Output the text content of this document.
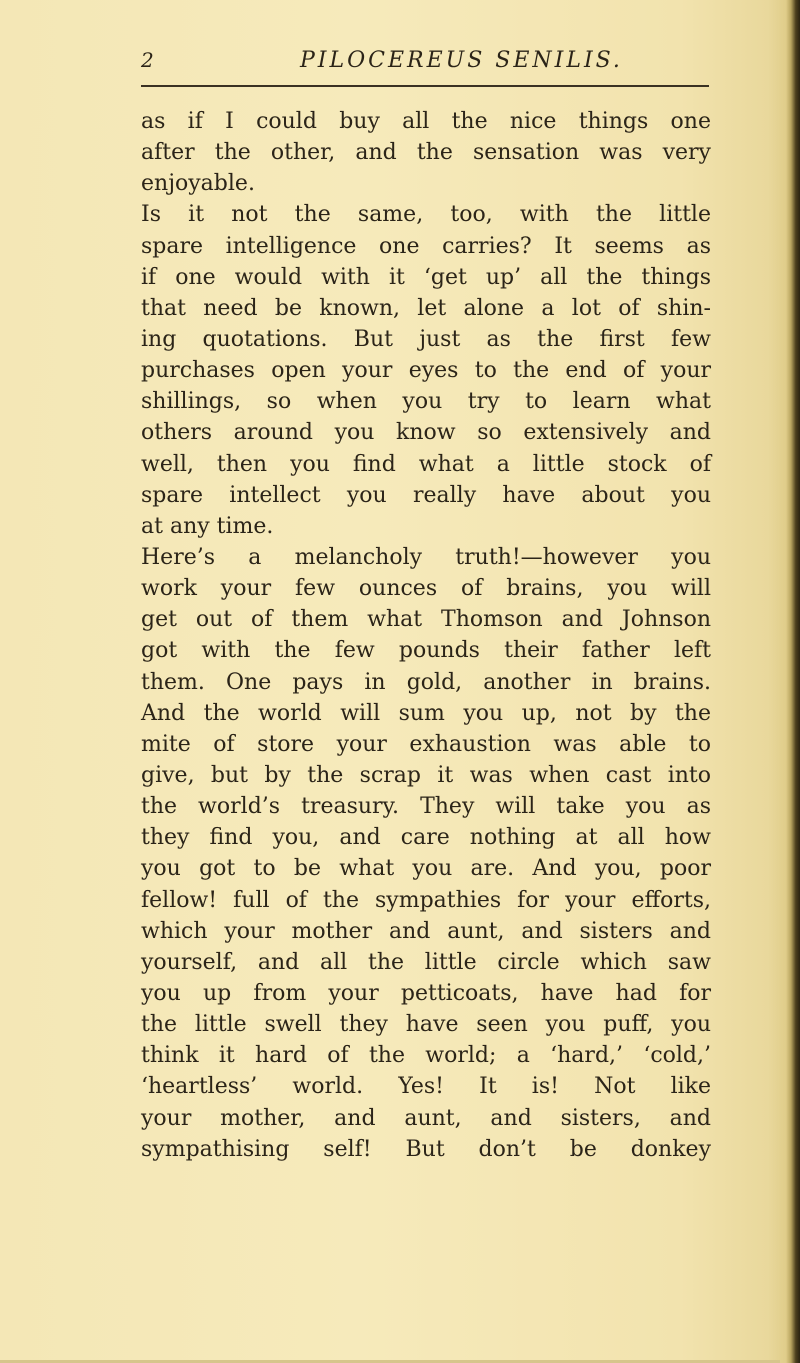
2	PILOCEREUS SENILIS.
as if I could buy all the nice things one
after the other, and the sensation was very
enjoyable.
Is it not the same, too, with the little
spare intelligence one carries? It seems as
if one would with it ‘get up’ all the things
that need be known, let alone a lot of shin-
ing quotations. But just as the first few
purchases open your eyes to the end of your
shillings, so when you try to learn what
others around you know so extensively and
well, then you find what a little stock of
spare intellect you really have about you
at any time.
Here’s a melancholy truth!—however you
work your few ounces of brains, you will
get out of them what Thomson and Johnson
got with the few pounds their father left
them. One pays in gold, another in brains.
And the world will sum you up, not by the
mite of store your exhaustion was able to
give, but by the scrap it was when cast into
the world’s treasury. They will take you as
they find you, and care nothing at all how
you got to be what you are. And you, poor
fellow! full of the sympathies for your efforts,
which your mother and aunt, and sisters and
yourself, and all the little circle which saw
you up from your petticoats, have had for
the little swell they have seen you puff, you
think it hard of the world; a ‘hard,’ ‘cold,’
‘heartless’ world. Yes! It is! Not like
your mother, and aunt, and sisters, and
sympathising self! But don’t be donkey
